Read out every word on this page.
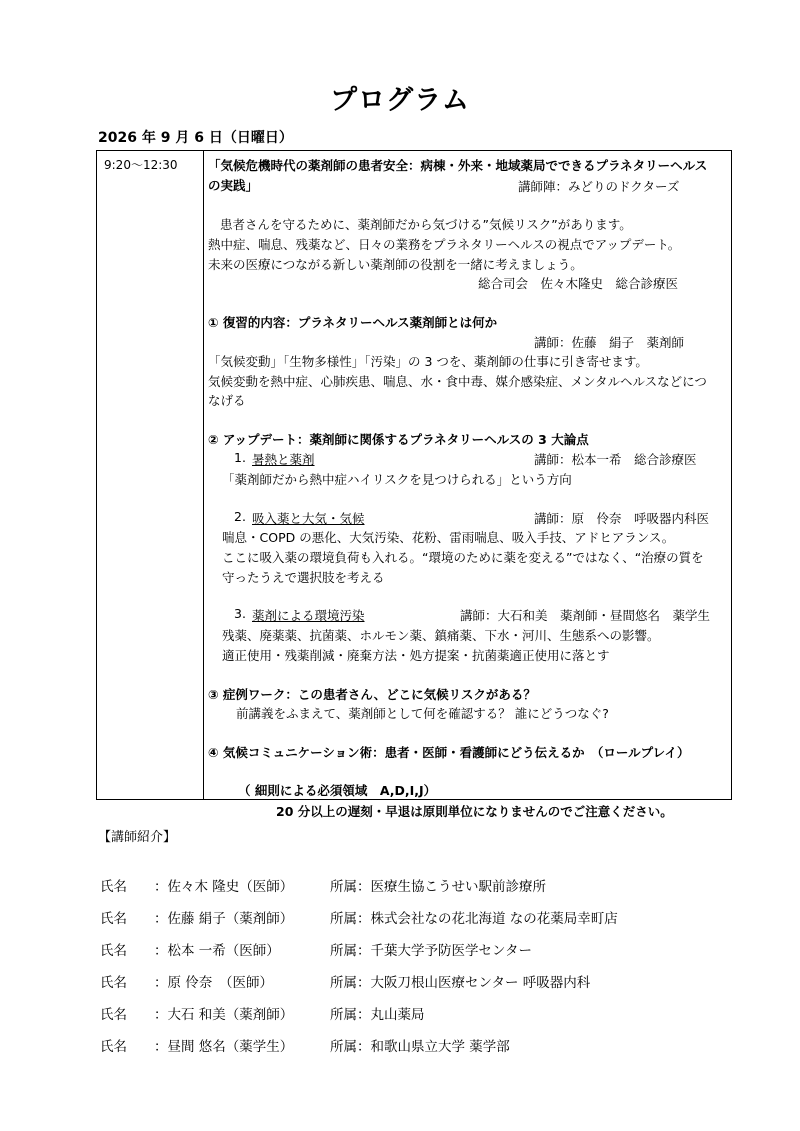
プログラム
2026 年 9 月 6 日（日曜日）
9:20～12:30 「気候危機時代の薬剤師の患者安全：病棟・外来・地域薬局でできるプラネタリーヘルス
の実践」	講師陣：みどりのドクターズ
患者さんを守るために、薬剤師だから気づける”気候リスク”があります。
熱中症、喘息、残薬など、日々の業務をプラネタリーヘルスの視点でアップデート。
未来の医療につながる新しい薬剤師の役割を一緒に考えましょう。
総合司会　佐々木隆史　総合診療医
① 復習的内容：プラネタリーヘルス薬剤師とは何か
講師：佐藤　絹子　薬剤師
「気候変動」「生物多様性」「汚染」の 3 つを、薬剤師の仕事に引き寄せます。
気候変動を熱中症、心肺疾患、喘息、水・食中毒、媒介感染症、メンタルヘルスなどにつ
なげる
② アップデート：薬剤師に関係するプラネタリーヘルスの 3 大論点
1. 暑熱と薬剤	講師：松本一希　総合診療医
「薬剤師だから熱中症ハイリスクを見つけられる」という方向
2. 吸入薬と大気・気候	講師：原　伶奈　呼吸器内科医
喘息・COPD の悪化、大気汚染、花粉、雷雨喘息、吸入手技、アドヒアランス。
ここに吸入薬の環境負荷も入れる。“環境のために薬を変える”ではなく、“治療の質を
守ったうえで選択肢を考える
3. 薬剤による環境汚染	講師：大石和美　薬剤師・昼間悠名　薬学生
残薬、廃薬薬、抗菌薬、ホルモン薬、鎮痛薬、下水・河川、生態系への影響。
適正使用・残薬削減・廃棄方法・処方提案・抗菌薬適正使用に落とす
③ 症例ワーク：この患者さん、どこに気候リスクがある？
前講義をふまえて、薬剤師として何を確認する？ 誰にどうつなぐ?
④ 気候コミュニケーション術：患者・医師・看護師にどう伝えるか　（ロールプレイ）
（ 細則による必須領域　A,D,I,J）
20 分以上の遅刻・早退は原則単位になりませんのでご注意ください。
【講師紹介】
氏名 ：佐々木 隆史（医師）	所属：医療生協こうせい駅前診療所
氏名 ：佐藤 絹子（薬剤師）	所属：株式会社なの花北海道 なの花薬局幸町店
氏名 ：松本 一希（医師）	所属：千葉大学予防医学センター
氏名 ：原 伶奈　（医師）	所属：大阪刀根山医療センター 呼吸器内科
氏名 ：大石 和美（薬剤師）	所属：丸山薬局
氏名 ：昼間 悠名（薬学生）	所属：和歌山県立大学 薬学部
